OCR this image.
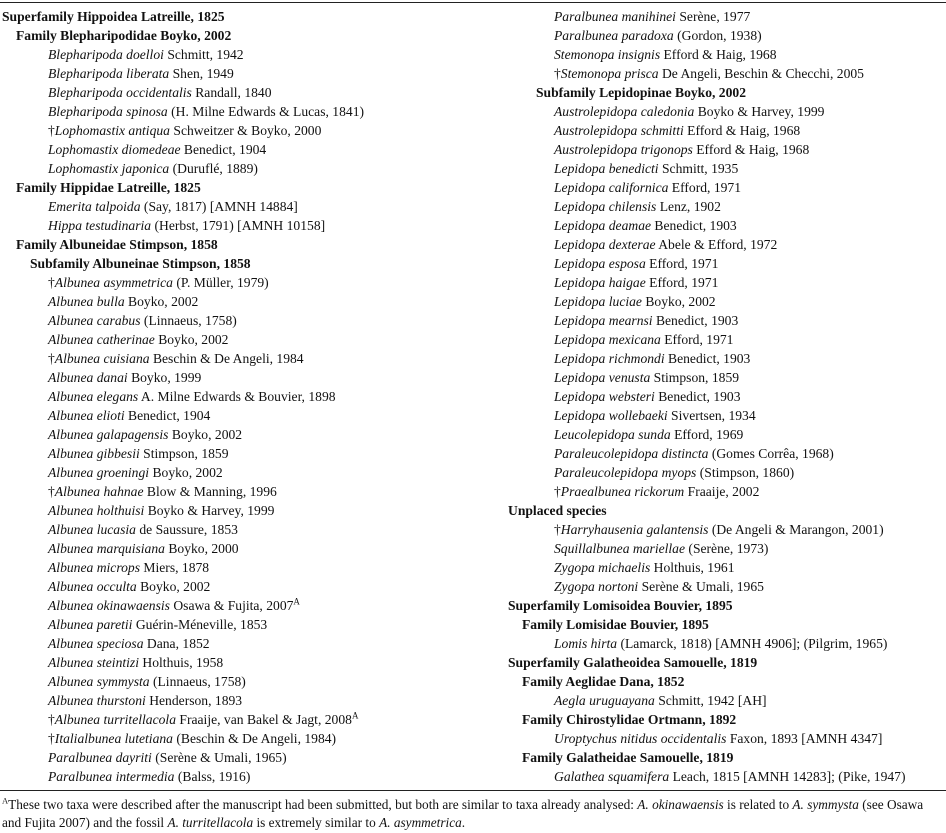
Superfamily Hippoidea Latreille, 1825
Family Blepharipodidae Boyko, 2002
Blepharipoda doelloi Schmitt, 1942
Blepharipoda liberata Shen, 1949
Blepharipoda occidentalis Randall, 1840
Blepharipoda spinosa (H. Milne Edwards & Lucas, 1841)
†Lophomastix antiqua Schweitzer & Boyko, 2000
Lophomastix diomedeae Benedict, 1904
Lophomastix japonica (Duruflé, 1889)
Family Hippidae Latreille, 1825
Emerita talpoida (Say, 1817) [AMNH 14884]
Hippa testudinaria (Herbst, 1791) [AMNH 10158]
Family Albuneidae Stimpson, 1858
Subfamily Albuneinae Stimpson, 1858
†Albunea asymmetrica (P. Müller, 1979)
Albunea bulla Boyko, 2002
Albunea carabus (Linnaeus, 1758)
Albunea catherinae Boyko, 2002
†Albunea cuisiana Beschin & De Angeli, 1984
Albunea danai Boyko, 1999
Albunea elegans A. Milne Edwards & Bouvier, 1898
Albunea elioti Benedict, 1904
Albunea galapagensis Boyko, 2002
Albunea gibbesii Stimpson, 1859
Albunea groeningi Boyko, 2002
†Albunea hahnae Blow & Manning, 1996
Albunea holthuisi Boyko & Harvey, 1999
Albunea lucasia de Saussure, 1853
Albunea marquisiana Boyko, 2000
Albunea microps Miers, 1878
Albunea occulta Boyko, 2002
Albunea okinawaensis Osawa & Fujita, $2007^A$
Albunea paretii Guérin-Méneville, 1853
Albunea speciosa Dana, 1852
Albunea steintizi Holthuis, 1958
Albunea symmysta (Linnaeus, 1758)
Albunea thurstoni Henderson, 1893
†Albunea turritellacola Fraaije, van Bakel & Jagt, $2008^A$
†Italialbunea lutetiana (Beschin & De Angeli, 1984)
Paralbunea dayriti (Serène & Umali, 1965)
Paralbunea intermedia (Balss, 1916)
Paralbunea manihinei Serène, 1977
Paralbunea paradoxa (Gordon, 1938)
Stemonopa insignis Efford & Haig, 1968
†Stemonopa prisca De Angeli, Beschin & Checchi, 2005
Subfamily Lepidopinae Boyko, 2002
Austrolepidopa caledonia Boyko & Harvey, 1999
Austrolepidopa schmitti Efford & Haig, 1968
Austrolepidopa trigonops Efford & Haig, 1968
Lepidopa benedicti Schmitt, 1935
Lepidopa californica Efford, 1971
Lepidopa chilensis Lenz, 1902
Lepidopa deamae Benedict, 1903
Lepidopa dexterae Abele & Efford, 1972
Lepidopa esposa Efford, 1971
Lepidopa haigae Efford, 1971
Lepidopa luciae Boyko, 2002
Lepidopa mearnsi Benedict, 1903
Lepidopa mexicana Efford, 1971
Lepidopa richmondi Benedict, 1903
Lepidopa venusta Stimpson, 1859
Lepidopa websteri Benedict, 1903
Lepidopa wollebaeki Sivertsen, 1934
Leucolepidopa sunda Efford, 1969
Paraleucolepidopa distincta (Gomes Corrêa, 1968)
Paraleucolepidopa myops (Stimpson, 1860)
†Praealbunea rickorum Fraaije, 2002
Unplaced species
†Harryhausenia galantensis (De Angeli & Marangon, 2001)
Squillalbunea mariellae (Serène, 1973)
Zygopa michaelis Holthuis, 1961
Zygopa nortoni Serène & Umali, 1965
Superfamily Lomisoidea Bouvier, 1895
Family Lomisidae Bouvier, 1895
Lomis hirta (Lamarck, 1818) [AMNH 4906]; (Pilgrim, 1965)
Superfamily Galatheoidea Samouelle, 1819
Family Aeglidae Dana, 1852
Aegla uruguayana Schmitt, 1942 [AH]
Family Chirostylidae Ortmann, 1892
Uroptychus nitidus occidentalis Faxon, 1893 [AMNH 4347]
Family Galatheidae Samouelle, 1819
Galathea squamifera Leach, 1815 [AMNH 14283]; (Pike, 1947)
$^A$These two taxa were described after the manuscript had been submitted, but both are similar to taxa already analysed: A. okinawaensis is related to A. symmysta (see Osawa and Fujita 2007) and the fossil A. turritellacola is extremely similar to A. asymmetrica.
